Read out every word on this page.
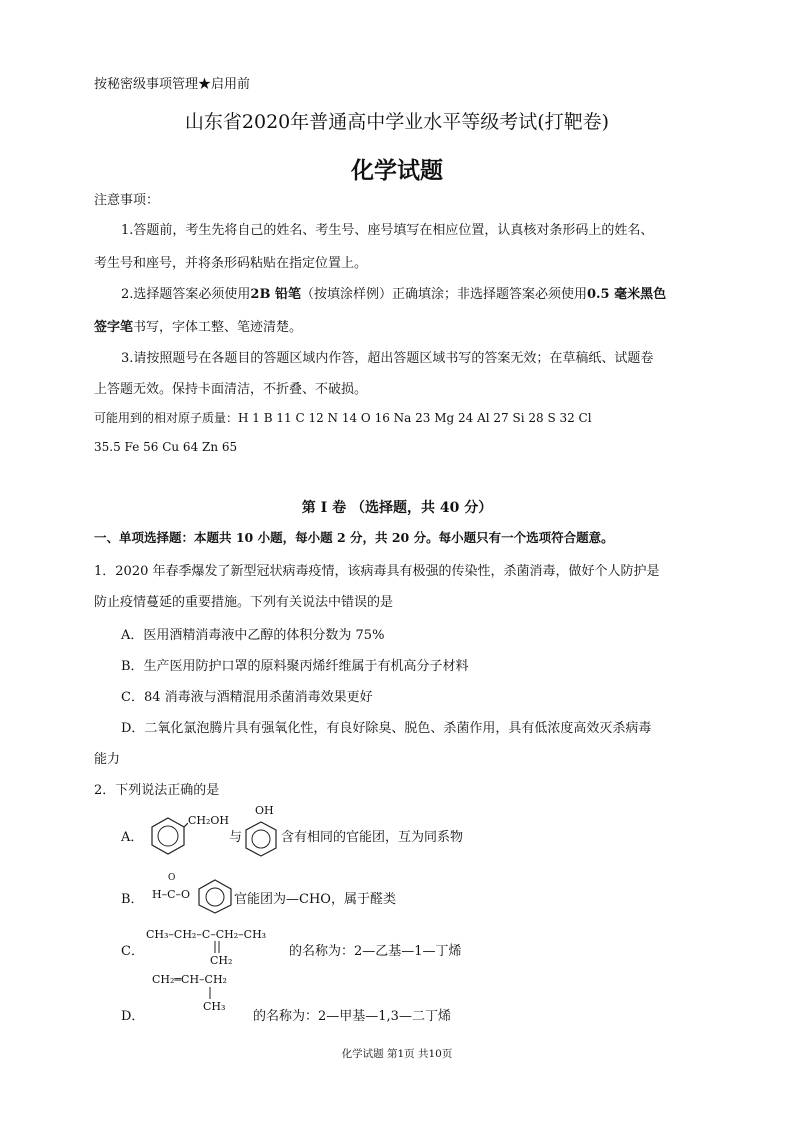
按秘密级事项管理★启用前
山东省2020年普通高中学业水平等级考试(打靶卷)
化学试题
注意事项：
1.答题前，考生先将自己的姓名、考生号、座号填写在相应位置，认真核对条形码上的姓名、
考生号和座号，并将条形码粘贴在指定位置上。
2.选择题答案必须使用2B 铅笔（按填涂样例）正确填涂；非选择题答案必须使用0.5 毫米黑色
签字笔书写，字体工整、笔迹清楚。
3.请按照题号在各题目的答题区域内作答，超出答题区域书写的答案无效；在草稿纸、试题卷
上答题无效。保持卡面清洁，不折叠、不破损。
可能用到的相对原子质量：H 1 B 11 C 12 N 14 O 16 Na 23 Mg 24 Al 27 Si 28 S 32 Cl
35.5 Fe 56 Cu 64 Zn 65
第 I 卷 （选择题，共 40 分）
一、单项选择题：本题共 10 小题，每小题 2 分，共 20 分。每小题只有一个选项符合题意。
1．2020 年春季爆发了新型冠状病毒疫情，该病毒具有极强的传染性，杀菌消毒，做好个人防护是
防止疫情蔓延的重要措施。下列有关说法中错误的是
A．医用酒精消毒液中乙醇的体积分数为 75%
B．生产医用防护口罩的原料聚丙烯纤维属于有机高分子材料
C．84 消毒液与酒精混用杀菌消毒效果更好
D．二氧化氯泡腾片具有强氧化性，有良好除臭、脱色、杀菌作用，具有低浓度高效灭杀病毒
能力
2．下列说法正确的是
A．
CH₂OH
与
OH
含有相同的官能团，互为同系物
B． H–C–O
O
官能团为—CHO，属于醛类
C．
CH₃–CH₂–C–CH₂–CH₃
CH₂
的名称为：2—乙基—1—丁烯
CH₂═CH–CH₂
CH₃
D．	的名称为：2—甲基—1,3—二丁烯
化学试题 第1页 共10页
